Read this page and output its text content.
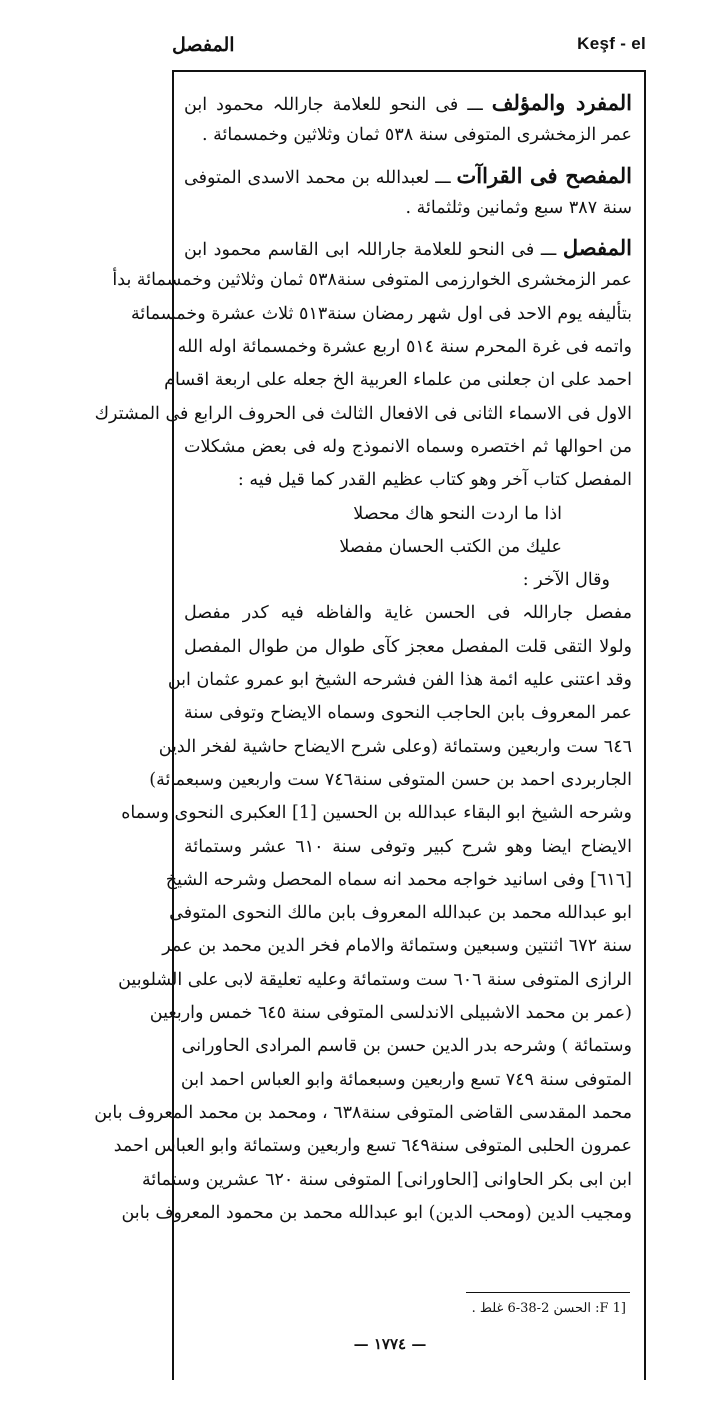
المفصل	Keşf - el
المفرد والمؤلف ـــ فى النحو للعلامة جاراللہ محمود ابن
عمر الزمخشرى المتوفى سنة ٥٣٨ ثمان وثلاثين وخمسمائة .
المفصح فى القراآت ـــ لعبدالله بن محمد الاسدى المتوفى
سنة ٣٨٧ سبع وثمانين وثلثمائة .
المفصل ـــ فى النحو للعلامة جاراللہ ابى القاسم محمود ابن
عمر الزمخشرى الخوارزمى المتوفى سنة٥٣٨ ثمان وثلاثين وخمسمائة بدأ
بتأليفه يوم الاحد فى اول شهر رمضان سنة٥١٣ ثلاث عشرة وخمسمائة
واتمه فى غرة المحرم سنة ٥١٤ اربع عشرة وخمسمائة اوله الله
احمد على ان جعلنى من علماء العربية الخ جعله على اربعة اقسام
الاول فى الاسماء الثانى فى الافعال الثالث فى الحروف الرابع فى المشترك
من احوالها ثم اختصره وسماه الانموذج وله فى بعض مشكلات
المفصل كتاب آخر وهو كتاب عظيم القدر كما قيل فيه :
اذا ما اردت النحو هاك محصلا
عليك من الكتب الحسان مفصلا
وقال الآخر :
مفصل جاراللہ فى الحسن غاية والفاظه فيه كدر مفصل
ولولا التقى قلت المفصل معجز كآى طوال من طوال المفصل
وقد اعتنى عليه ائمة هذا الفن فشرحه الشيخ ابو عمرو عثمان ابن
عمر المعروف بابن الحاجب النحوى وسماه الايضاح وتوفى سنة
٦٤٦ ست واربعين وستمائة (وعلى شرح الايضاح حاشية لفخر الدين
الجاربردى احمد بن حسن المتوفى سنة٧٤٦ ست واربعين وسبعمائة)
وشرحه الشيخ ابو البقاء عبدالله بن الحسين [1] العكبرى النحوى وسماه
الايضاح ايضا وهو شرح كبير وتوفى سنة ٦١٠ عشر وستمائة
[٦١٦] وفى اسانيد خواجه محمد انه سماه المحصل وشرحه الشيخ
ابو عبدالله محمد بن عبدالله المعروف بابن مالك النحوى المتوفى
سنة ٦٧٢ اثنتين وسبعين وستمائة والامام فخر الدين محمد بن عمر
الرازى المتوفى سنة ٦٠٦ ست وستمائة وعليه تعليقة لابى على الشلوبين
(عمر بن محمد الاشبيلى الاندلسى المتوفى سنة ٦٤٥ خمس واربعين
وستمائة ) وشرحه بدر الدين حسن بن قاسم المرادى الحاورانى
المتوفى سنة ٧٤٩ تسع واربعين وسبعمائة وابو العباس احمد ابن
محمد المقدسى القاضى المتوفى سنة٦٣٨ ، ومحمد بن محمد المعروف بابن
عمرون الحلبى المتوفى سنة٦٤٩ تسع واربعين وستمائة وابو العباس احمد
ابن ابى بكر الحاوانى [الحاورانى] المتوفى سنة ٦٢٠ عشرين وستمائة
ومجيب الدين (ومحب الدين) ابو عبدالله محمد بن محمود المعروف بابن
[1 F: الحسن 2-38-6 غلط .
— ١٧٧٤ —
